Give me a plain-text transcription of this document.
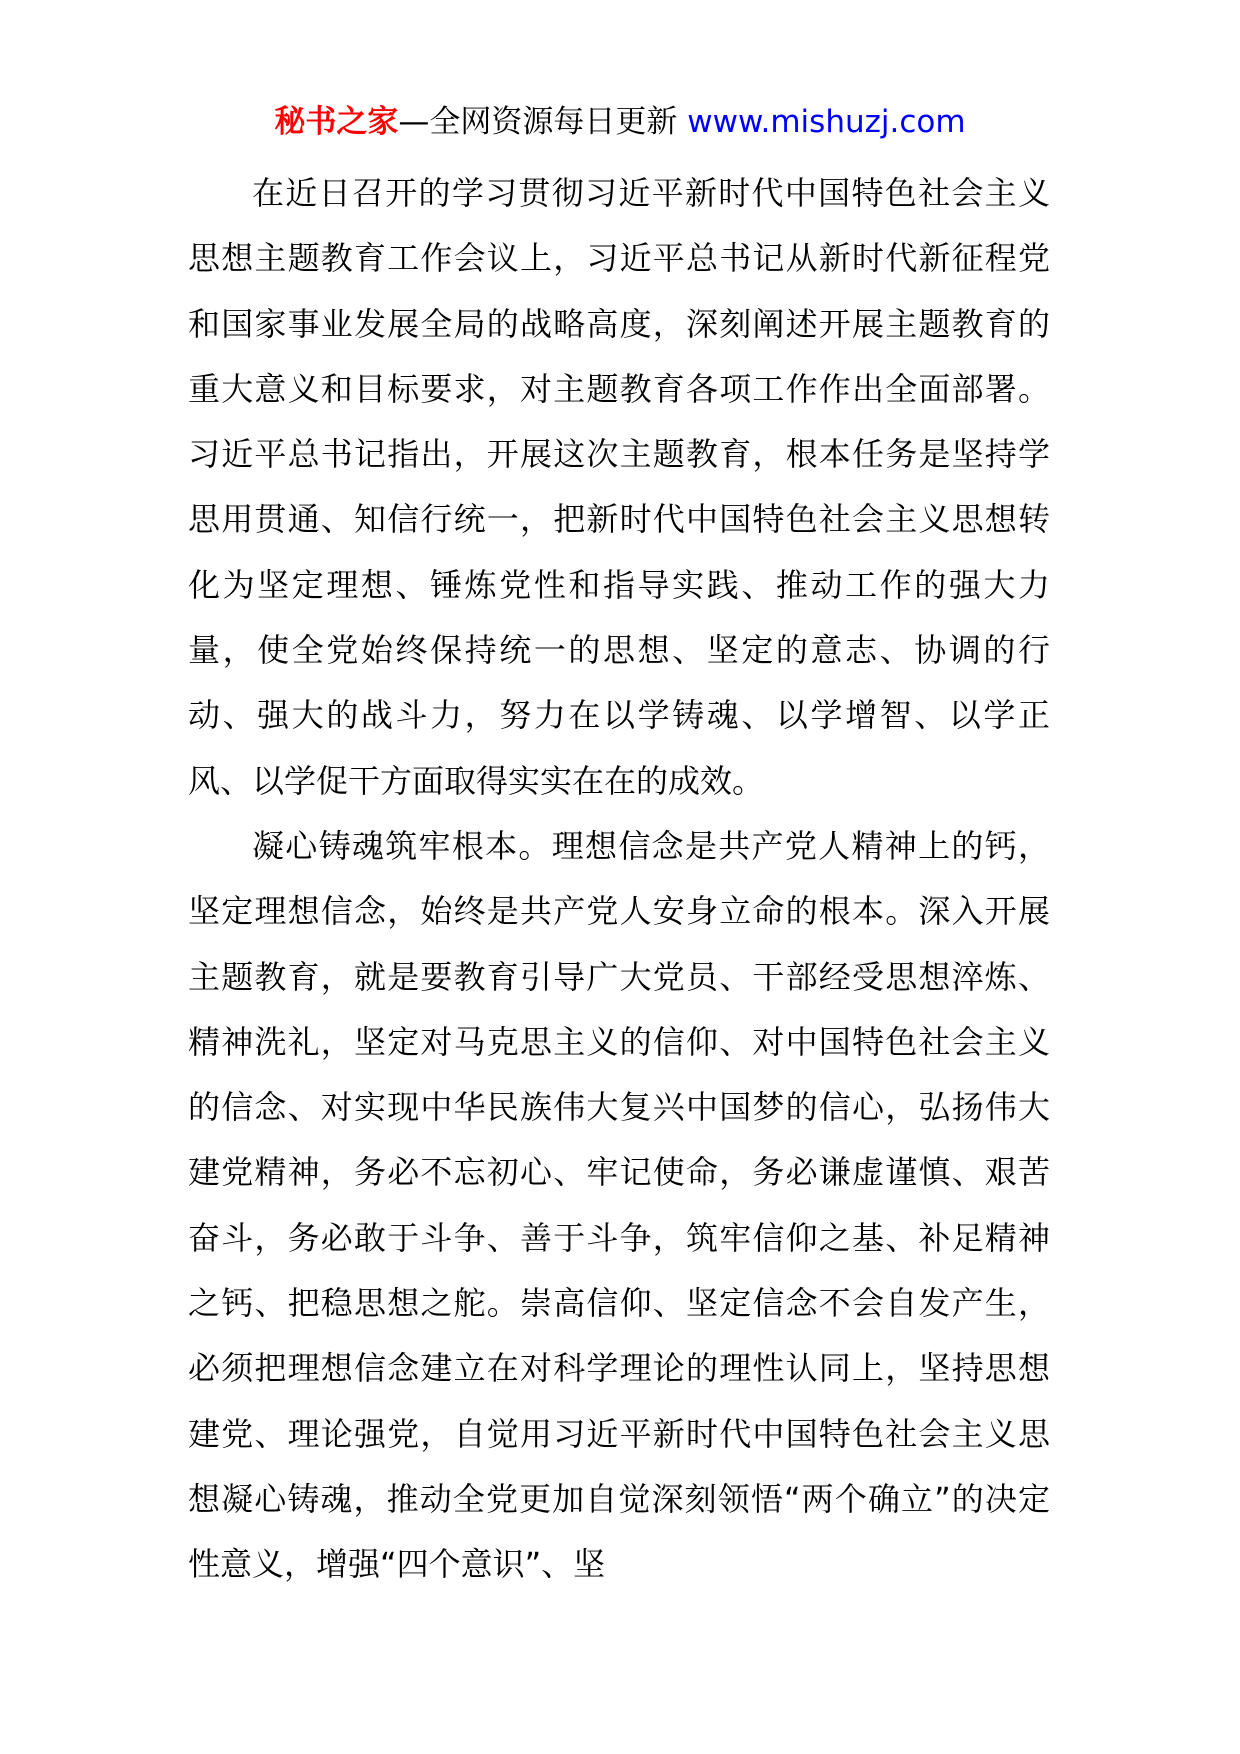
秘书之家—全网资源每日更新 www.mishuzj.com

在近日召开的学习贯彻习近平新时代中国特色社会主义思想主题教育工作会议上，习近平总书记从新时代新征程党和国家事业发展全局的战略高度，深刻阐述开展主题教育的重大意义和目标要求，对主题教育各项工作作出全面部署。习近平总书记指出，开展这次主题教育，根本任务是坚持学思用贯通、知信行统一，把新时代中国特色社会主义思想转化为坚定理想、锤炼党性和指导实践、推动工作的强大力量，使全党始终保持统一的思想、坚定的意志、协调的行动、强大的战斗力，努力在以学铸魂、以学增智、以学正风、以学促干方面取得实实在在的成效。

凝心铸魂筑牢根本。理想信念是共产党人精神上的钙，坚定理想信念，始终是共产党人安身立命的根本。深入开展主题教育，就是要教育引导广大党员、干部经受思想淬炼、精神洗礼，坚定对马克思主义的信仰、对中国特色社会主义的信念、对实现中华民族伟大复兴中国梦的信心，弘扬伟大建党精神，务必不忘初心、牢记使命，务必谦虚谨慎、艰苦奋斗，务必敢于斗争、善于斗争，筑牢信仰之基、补足精神之钙、把稳思想之舵。崇高信仰、坚定信念不会自发产生，必须把理想信念建立在对科学理论的理性认同上，坚持思想建党、理论强党，自觉用习近平新时代中国特色社会主义思想凝心铸魂，推动全党更加自觉深刻领悟“两个确立”的决定性意义，增强“四个意识”、坚
